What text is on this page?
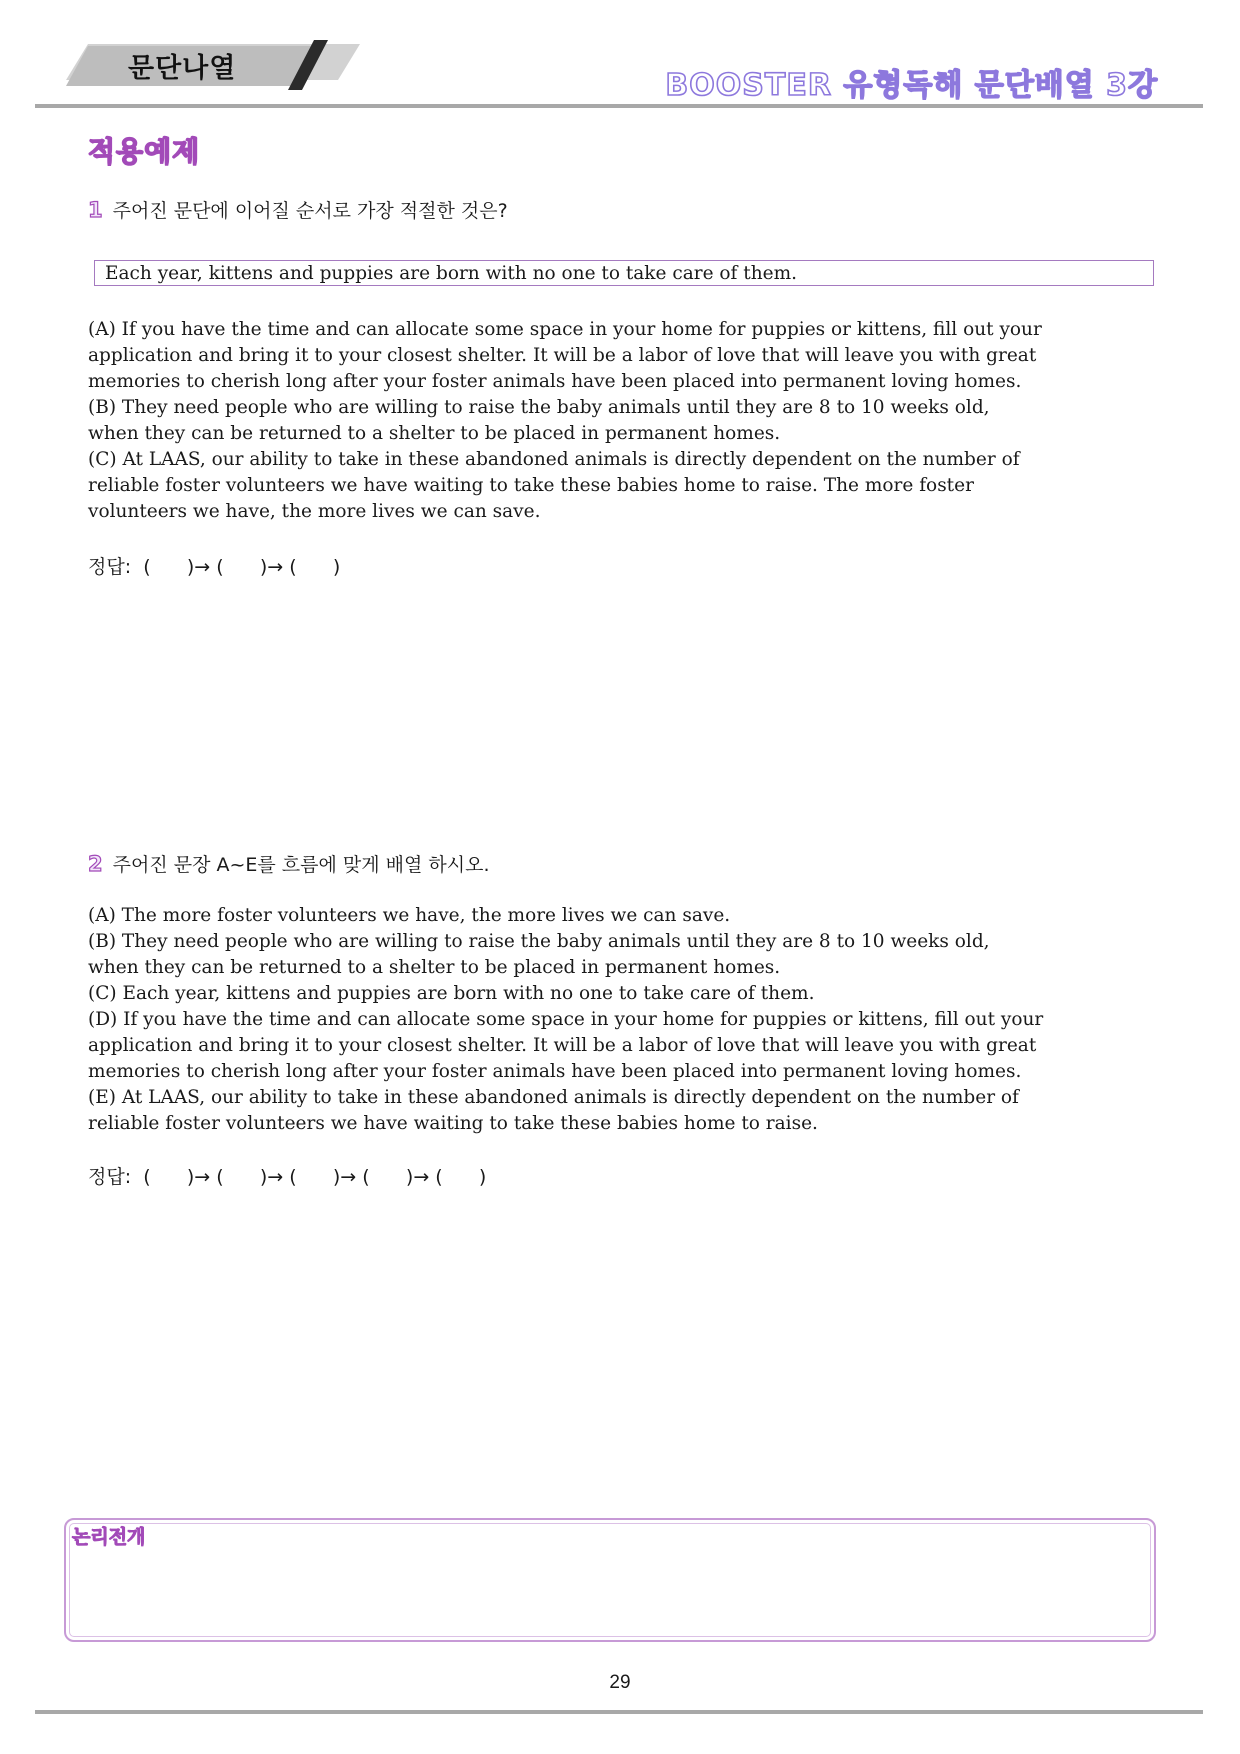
문단나열	BOOSTER 유형독해 문단배열 3강
적용예제
1 주어진 문단에 이어질 순서로 가장 적절한 것은?
Each year, kittens and puppies are born with no one to take care of them.
(A) If you have the time and can allocate some space in your home for puppies or kittens, fill out your
application and bring it to your closest shelter. It will be a labor of love that will leave you with great
memories to cherish long after your foster animals have been placed into permanent loving homes.
(B) They need people who are willing to raise the baby animals until they are 8 to 10 weeks old,
when they can be returned to a shelter to be placed in permanent homes.
(C) At LAAS, our ability to take in these abandoned animals is directly dependent on the number of
reliable foster volunteers we have waiting to take these babies home to raise. The more foster
volunteers we have, the more lives we can save.
정답:  (      )→ (      )→ (      )
2 주어진 문장 A~E를 흐름에 맞게 배열 하시오.
(A) The more foster volunteers we have, the more lives we can save.
(B) They need people who are willing to raise the baby animals until they are 8 to 10 weeks old,
when they can be returned to a shelter to be placed in permanent homes.
(C) Each year, kittens and puppies are born with no one to take care of them.
(D) If you have the time and can allocate some space in your home for puppies or kittens, fill out your
application and bring it to your closest shelter. It will be a labor of love that will leave you with great
memories to cherish long after your foster animals have been placed into permanent loving homes.
(E) At LAAS, our ability to take in these abandoned animals is directly dependent on the number of
reliable foster volunteers we have waiting to take these babies home to raise.
정답:  (      )→ (      )→ (      )→ (      )→ (      )
논리전개
29
